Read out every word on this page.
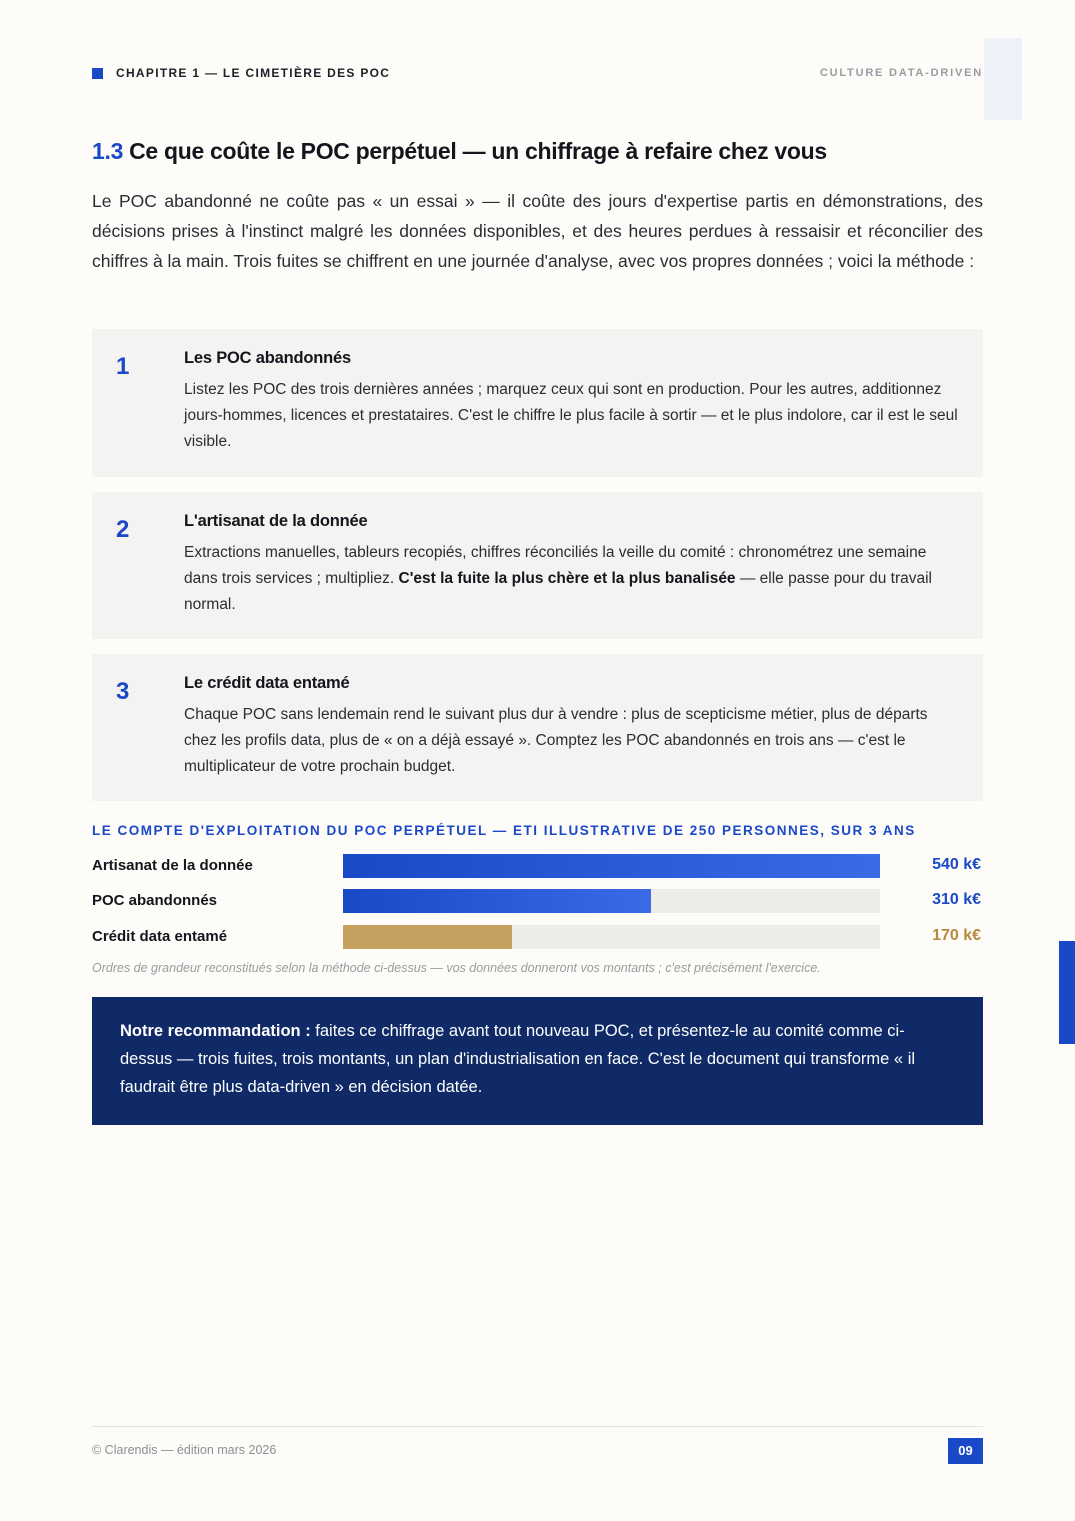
CHAPITRE 1 — LE CIMETIÈRE DES POC	CULTURE DATA-DRIVEN
1.3 Ce que coûte le POC perpétuel — un chiffrage à refaire chez vous

Le POC abandonné ne coûte pas « un essai » — il coûte des jours d'expertise partis en démonstrations, des décisions prises à l'instinct malgré les données disponibles, et des heures perdues à ressaisir et réconcilier des chiffres à la main. Trois fuites se chiffrent en une journée d'analyse, avec vos propres données ; voici la méthode :

1	Les POC abandonnés

Listez les POC des trois dernières années ; marquez ceux qui sont en production. Pour les autres, additionnez jours-hommes, licences et prestataires. C'est le chiffre le plus facile à sortir — et le plus indolore, car il est le seul visible.

2	L'artisanat de la donnée

Extractions manuelles, tableurs recopiés, chiffres réconciliés la veille du comité : chronométrez une semaine dans trois services ; multipliez. C'est la fuite la plus chère et la plus banalisée — elle passe pour du travail normal.

3	Le crédit data entamé

Chaque POC sans lendemain rend le suivant plus dur à vendre : plus de scepticisme métier, plus de départs chez les profils data, plus de « on a déjà essayé ». Comptez les POC abandonnés en trois ans — c'est le multiplicateur de votre prochain budget.

LE COMPTE D'EXPLOITATION DU POC PERPÉTUEL — ETI ILLUSTRATIVE DE 250 PERSONNES, SUR 3 ANS
Artisanat de la donnée	540 k€
POC abandonnés	310 k€
Crédit data entamé	170 k€
Ordres de grandeur reconstitués selon la méthode ci-dessus — vos données donneront vos montants ; c'est précisément l'exercice.

Notre recommandation : faites ce chiffrage avant tout nouveau POC, et présentez-le au comité comme ci-dessus — trois fuites, trois montants, un plan d'industrialisation en face. C'est le document qui transforme « il faudrait être plus data-driven » en décision datée.

© Clarendis — édition mars 2026	09
